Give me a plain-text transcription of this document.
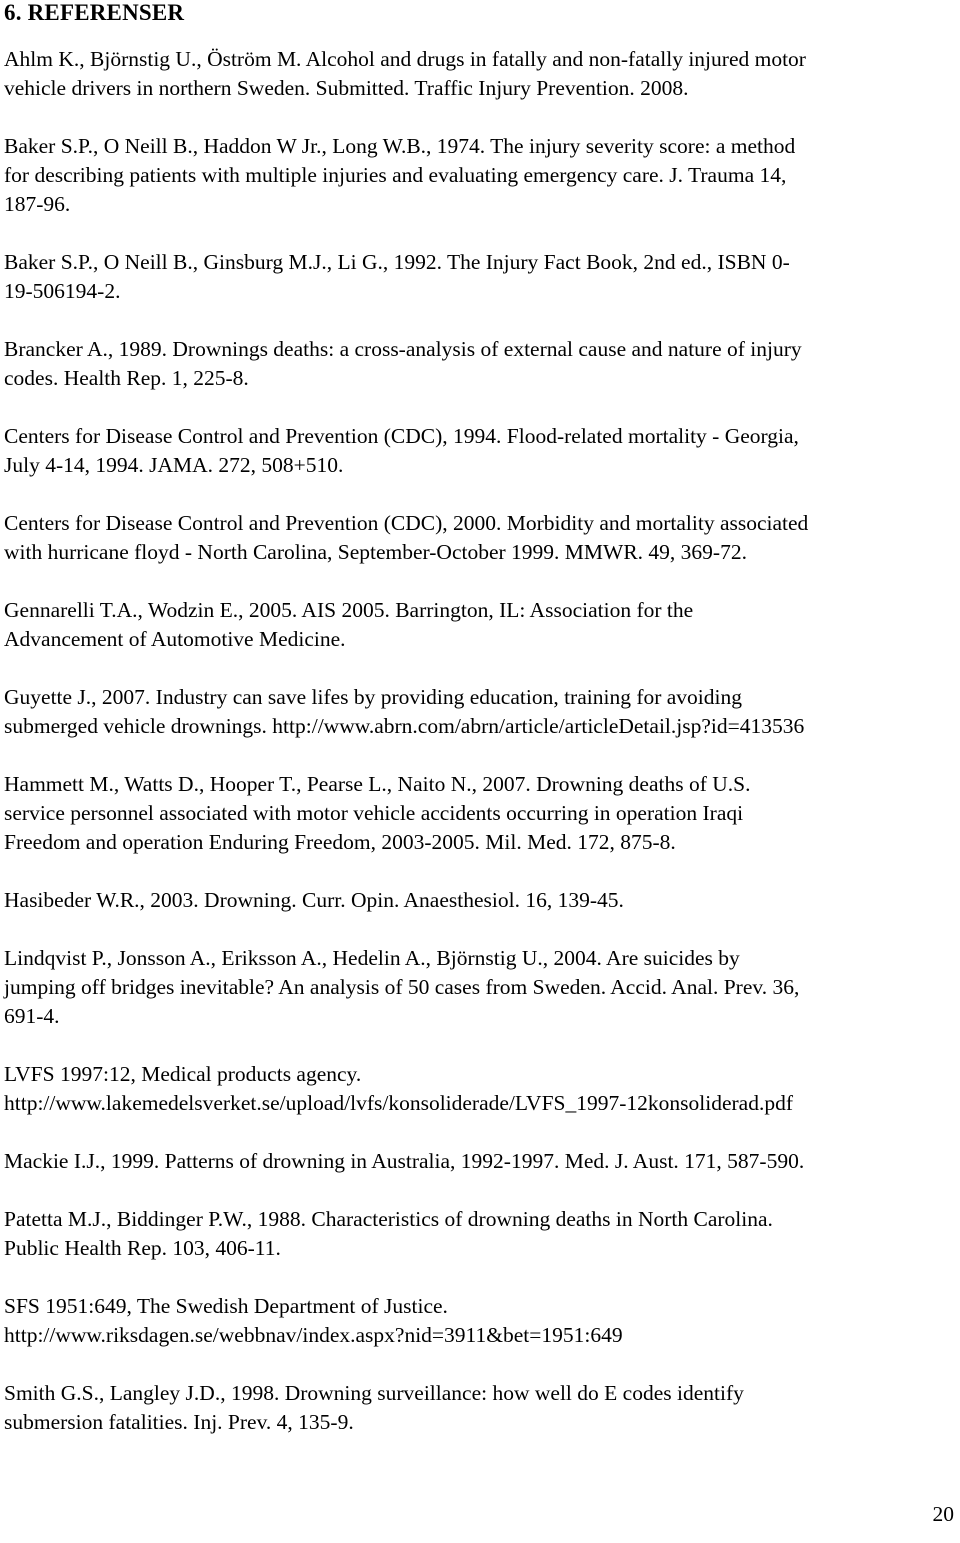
6. REFERENSER

Ahlm K., Björnstig U., Öström M. Alcohol and drugs in fatally and non-fatally injured motor
vehicle drivers in northern Sweden. Submitted. Traffic Injury Prevention. 2008.

Baker S.P., O Neill B., Haddon W Jr., Long W.B., 1974. The injury severity score: a method
for describing patients with multiple injuries and evaluating emergency care. J. Trauma 14,
187-96.

Baker S.P., O Neill B., Ginsburg M.J., Li G., 1992. The Injury Fact Book, 2nd ed., ISBN 0-
19-506194-2.

Brancker A., 1989. Drownings deaths: a cross-analysis of external cause and nature of injury
codes. Health Rep. 1, 225-8.

Centers for Disease Control and Prevention (CDC), 1994. Flood-related mortality - Georgia,
July 4-14, 1994. JAMA. 272, 508+510.

Centers for Disease Control and Prevention (CDC), 2000. Morbidity and mortality associated
with hurricane floyd - North Carolina, September-October 1999. MMWR. 49, 369-72.

Gennarelli T.A., Wodzin E., 2005. AIS 2005. Barrington, IL: Association for the
Advancement of Automotive Medicine.

Guyette J., 2007. Industry can save lifes by providing education, training for avoiding
submerged vehicle drownings. http://www.abrn.com/abrn/article/articleDetail.jsp?id=413536

Hammett M., Watts D., Hooper T., Pearse L., Naito N., 2007. Drowning deaths of U.S.
service personnel associated with motor vehicle accidents occurring in operation Iraqi
Freedom and operation Enduring Freedom, 2003-2005. Mil. Med. 172, 875-8.

Hasibeder W.R., 2003. Drowning. Curr. Opin. Anaesthesiol. 16, 139-45.

Lindqvist P., Jonsson A., Eriksson A., Hedelin A., Björnstig U., 2004. Are suicides by
jumping off bridges inevitable? An analysis of 50 cases from Sweden. Accid. Anal. Prev. 36,
691-4.

LVFS 1997:12, Medical products agency.
http://www.lakemedelsverket.se/upload/lvfs/konsoliderade/LVFS_1997-12konsoliderad.pdf

Mackie I.J., 1999. Patterns of drowning in Australia, 1992-1997. Med. J. Aust. 171, 587-590.

Patetta M.J., Biddinger P.W., 1988. Characteristics of drowning deaths in North Carolina.
Public Health Rep. 103, 406-11.

SFS 1951:649, The Swedish Department of Justice.
http://www.riksdagen.se/webbnav/index.aspx?nid=3911&bet=1951:649

Smith G.S., Langley J.D., 1998. Drowning surveillance: how well do E codes identify
submersion fatalities. Inj. Prev. 4, 135-9.

20
